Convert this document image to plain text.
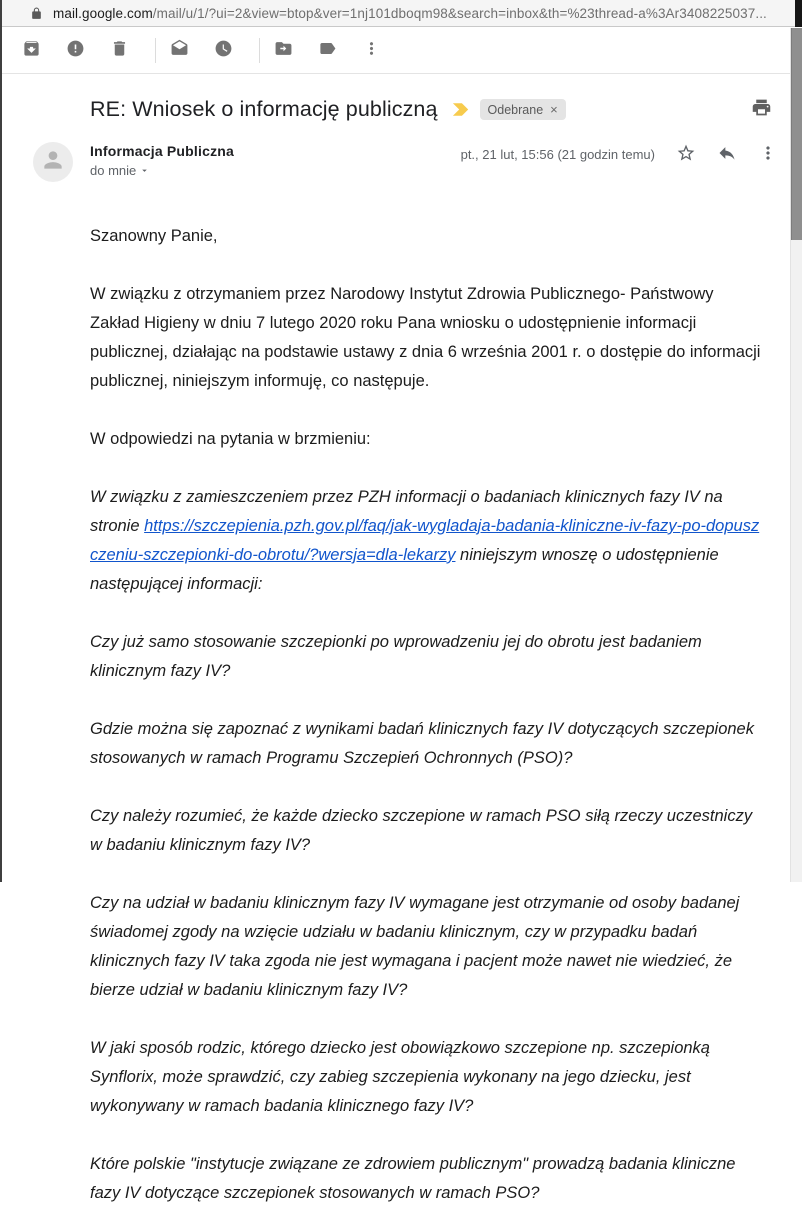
mail.google.com/mail/u/1/?ui=2&view=btop&ver=1nj101dboqm98&search=inbox&th=%23thread-a%3Ar3408225037...
RE: Wniosek o informację publiczną	Odebrane ×
Informacja Publiczna
do mnie
pt., 21 lut, 15:56 (21 godzin temu)

Szanowny Panie,

W związku z otrzymaniem przez Narodowy Instytut Zdrowia Publicznego- Państwowy Zakład Higieny w dniu 7 lutego 2020 roku Pana wniosku o udostępnienie informacji publicznej, działając na podstawie ustawy z dnia 6 września 2001 r. o dostępie do informacji publicznej, niniejszym informuję, co następuje.

W odpowiedzi na pytania w brzmieniu:

W związku z zamieszczeniem przez PZH informacji o badaniach klinicznych fazy IV na stronie https://szczepienia.pzh.gov.pl/faq/jak-wygladaja-badania-kliniczne-iv-fazy-po-dopuszczeniu-szczepionki-do-obrotu/?wersja=dla-lekarzy niniejszym wnoszę o udostępnienie następującej informacji:

Czy już samo stosowanie szczepionki po wprowadzeniu jej do obrotu jest badaniem klinicznym fazy IV?

Gdzie można się zapoznać z wynikami badań klinicznych fazy IV dotyczących szczepionek stosowanych w ramach Programu Szczepień Ochronnych (PSO)?

Czy należy rozumieć, że każde dziecko szczepione w ramach PSO siłą rzeczy uczestniczy w badaniu klinicznym fazy IV?

Czy na udział w badaniu klinicznym fazy IV wymagane jest otrzymanie od osoby badanej świadomej zgody na wzięcie udziału w badaniu klinicznym, czy w przypadku badań klinicznych fazy IV taka zgoda nie jest wymagana i pacjent może nawet nie wiedzieć, że bierze udział w badaniu klinicznym fazy IV?

W jaki sposób rodzic, którego dziecko jest obowiązkowo szczepione np. szczepionką Synflorix, może sprawdzić, czy zabieg szczepienia wykonany na jego dziecku, jest wykonywany w ramach badania klinicznego fazy IV?

Które polskie "instytucje związane ze zdrowiem publicznym" prowadzą badania kliniczne fazy IV dotyczące szczepionek stosowanych w ramach PSO?
